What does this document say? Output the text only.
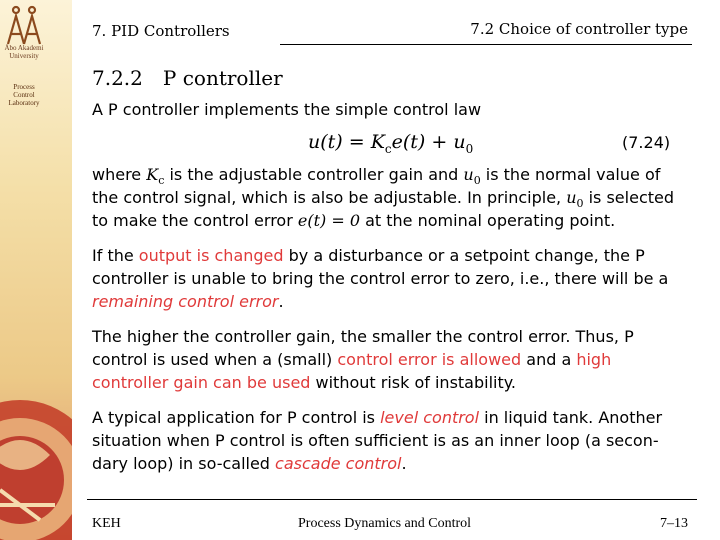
Åbo Akademi
University
Process
Control
Laboratory
7. PID Controllers	7.2 Choice of controller type
7.2.2 P controller
A P controller implements the simple control law
$u(t) = K_ce(t) + u_0$	(7.24)
where $K_c$ is the adjustable controller gain and $u_0$ is the normal value of
the control signal, which is also be adjustable. In principle, $u_0$ is selected
to make the control error e(t) = 0 at the nominal operating point.
If the output is changed by a disturbance or a setpoint change, the P
controller is unable to bring the control error to zero, i.e., there will be a
remaining control error.
The higher the controller gain, the smaller the control error. Thus, P
control is used when a (small) control error is allowed and a high
controller gain can be used without risk of instability.
A typical application for P control is level control in liquid tank. Another
situation when P control is often sufficient is as an inner loop (a secon-
dary loop) in so-called cascade control.
KEH	Process Dynamics and Control	7–13
